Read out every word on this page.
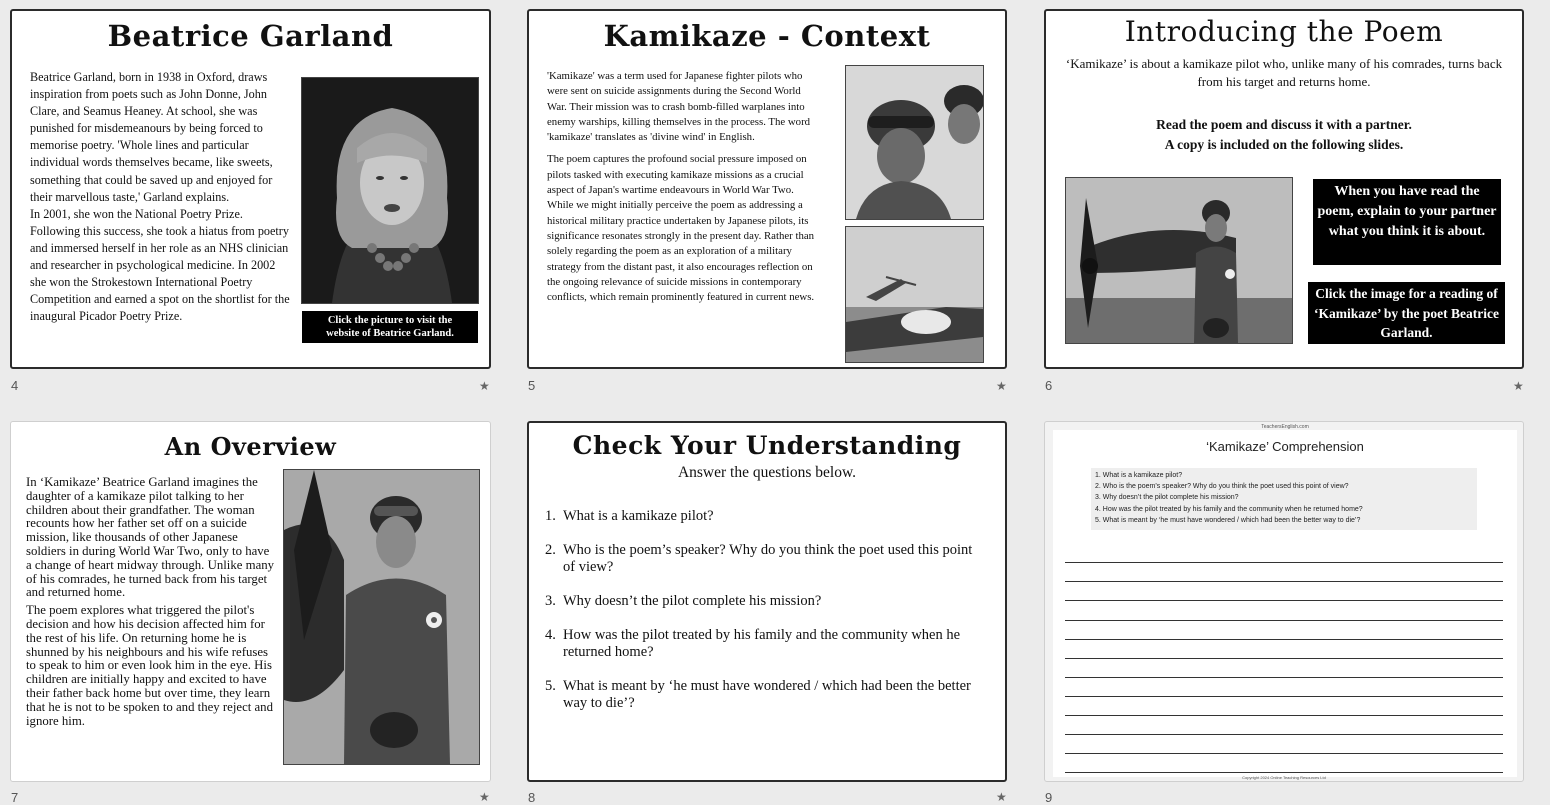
Beatrice Garland

Beatrice Garland, born in 1938 in Oxford, draws inspiration from poets such as John Donne, John Clare, and Seamus Heaney. At school, she was punished for misdemeanours by being forced to memorise poetry. 'Whole lines and particular individual words themselves became, like sweets, something that could be saved up and enjoyed for their marvellous taste,' Garland explains.

In 2001, she won the National Poetry Prize. Following this success, she took a hiatus from poetry and immersed herself in her role as an NHS clinician and researcher in psychological medicine. In 2002 she won the Strokestown International Poetry Competition and earned a spot on the shortlist for the inaugural Picador Poetry Prize.	Click the picture to visit the website of Beatrice Garland.
4	★
Kamikaze - Context

'Kamikaze' was a term used for Japanese fighter pilots who were sent on suicide assignments during the Second World War. Their mission was to crash bomb-filled warplanes into enemy warships, killing themselves in the process. The word 'kamikaze' translates as 'divine wind' in English.

The poem captures the profound social pressure imposed on pilots tasked with executing kamikaze missions as a crucial aspect of Japan's wartime endeavours in World War Two. While we might initially perceive the poem as addressing a historical military practice undertaken by Japanese pilots, its significance resonates strongly in the present day. Rather than solely regarding the poem as an exploration of a military strategy from the distant past, it also encourages reflection on the ongoing relevance of suicide missions in contemporary conflicts, which remain prominently featured in current news.

5	★
Introducing the Poem
‘Kamikaze’ is about a kamikaze pilot who, unlike many of his comrades, turns back from his target and returns home.
Read the poem and discuss it with a partner.
A copy is included on the following slides.
When you have read the poem, explain to your partner what you think it is about.
Click the image for a reading of ‘Kamikaze’ by the poet Beatrice Garland.
6	★
An Overview

In ‘Kamikaze’ Beatrice Garland imagines the daughter of a kamikaze pilot talking to her children about their grandfather. The woman recounts how her father set off on a suicide mission, like thousands of other Japanese soldiers in during World War Two, only to have a change of heart midway through. Unlike many of his comrades, he turned back from his target and returned home.

The poem explores what triggered the pilot's decision and how his decision affected him for the rest of his life. On returning home he is shunned by his neighbours and his wife refuses to speak to him or even look him in the eye. His children are initially happy and excited to have their father back home but over time, they learn that he is not to be spoken to and they reject and ignore him.

7	★
Check Your Understanding
Answer the questions below.
1. What is a kamikaze pilot?
2. Who is the poem’s speaker? Why do you think the poet used this point of view?
3. Why doesn’t the pilot complete his mission?
4. How was the pilot treated by his family and the community when he returned home?
5. What is meant by ‘he must have wondered / which had been the better way to die’?
8	★
TeachersEnglish.com
‘Kamikaze’ Comprehension
1. What is a kamikaze pilot?
2. Who is the poem’s speaker? Why do you think the poet used this point of view?
3. Why doesn’t the pilot complete his mission?
4. How was the pilot treated by his family and the community when he returned home?
5. What is meant by ‘he must have wondered / which had been the better way to die’?
Copyright 2024 Online Teaching Resources Ltd
9
